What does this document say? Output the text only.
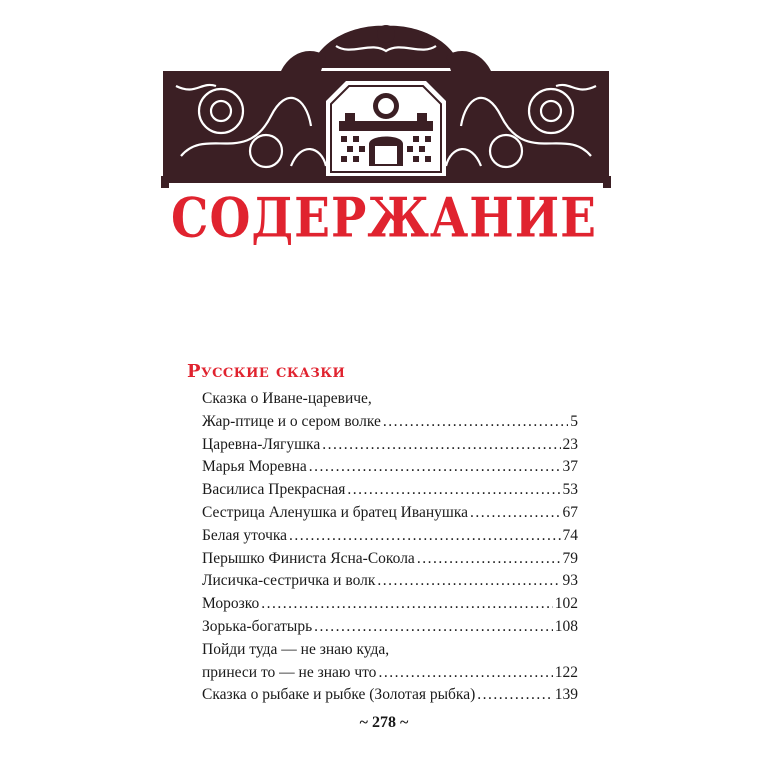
СОДЕРЖАНИЕ
Русские сказки
Сказка о Иване-царевиче,
Жар-птице и о сером волке .....	5
Царевна-Лягушка .....	23
Марья Моревна .....	37
Василиса Прекрасная .....	53
Сестрица Аленушка и братец Иванушка .....	67
Белая уточка .....	74
Перышко Финиста Ясна-Сокола .....	79
Лисичка-сестричка и волк .....	93
Морозко .....	102
Зорька-богатырь .....	108
Пойди туда — не знаю куда,
принеси то — не знаю что .....	122
Сказка о рыбаке и рыбке (Золотая рыбка) .....	139
~ 278 ~
